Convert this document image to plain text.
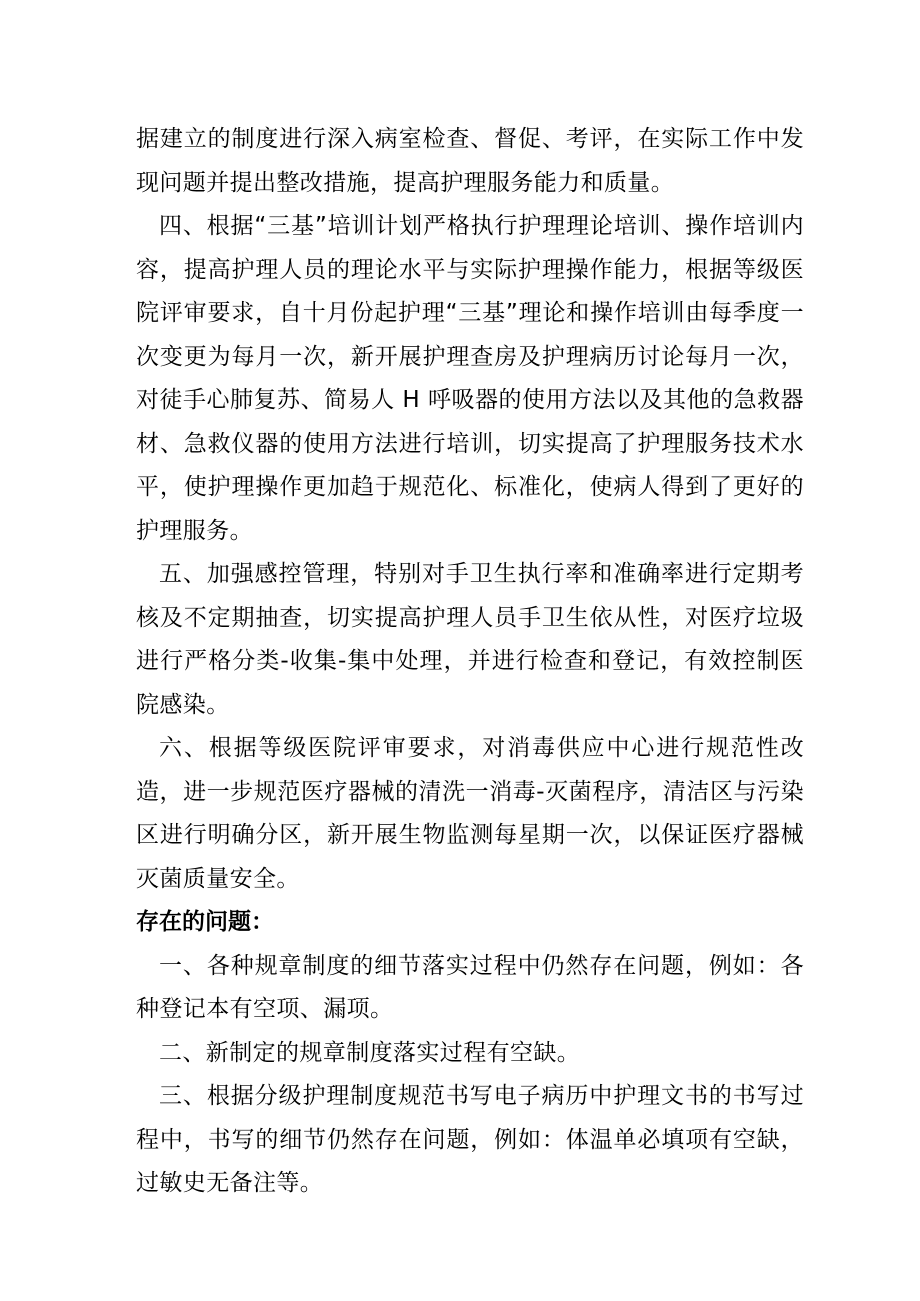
据建立的制度进行深入病室检查、督促、考评，在实际工作中发现问题并提出整改措施，提高护理服务能力和质量。

四、根据“三基”培训计划严格执行护理理论培训、操作培训内容，提高护理人员的理论水平与实际护理操作能力，根据等级医院评审要求，自十月份起护理“三基”理论和操作培训由每季度一次变更为每月一次，新开展护理查房及护理病历讨论每月一次，对徒手心肺复苏、简易人 H 呼吸器的使用方法以及其他的急救器材、急救仪器的使用方法进行培训，切实提高了护理服务技术水平，使护理操作更加趋于规范化、标准化，使病人得到了更好的护理服务。

五、加强感控管理，特别对手卫生执行率和准确率进行定期考核及不定期抽查，切实提高护理人员手卫生依从性，对医疗垃圾进行严格分类-收集-集中处理，并进行检查和登记，有效控制医院感染。

六、根据等级医院评审要求，对消毒供应中心进行规范性改造，进一步规范医疗器械的清洗一消毒-灭菌程序，清洁区与污染区进行明确分区，新开展生物监测每星期一次，以保证医疗器械灭菌质量安全。

存在的问题：

一、各种规章制度的细节落实过程中仍然存在问题，例如：各种登记本有空项、漏项。

二、新制定的规章制度落实过程有空缺。

三、根据分级护理制度规范书写电子病历中护理文书的书写过程中，书写的细节仍然存在问题，例如：体温单必填项有空缺，过敏史无备注等。
